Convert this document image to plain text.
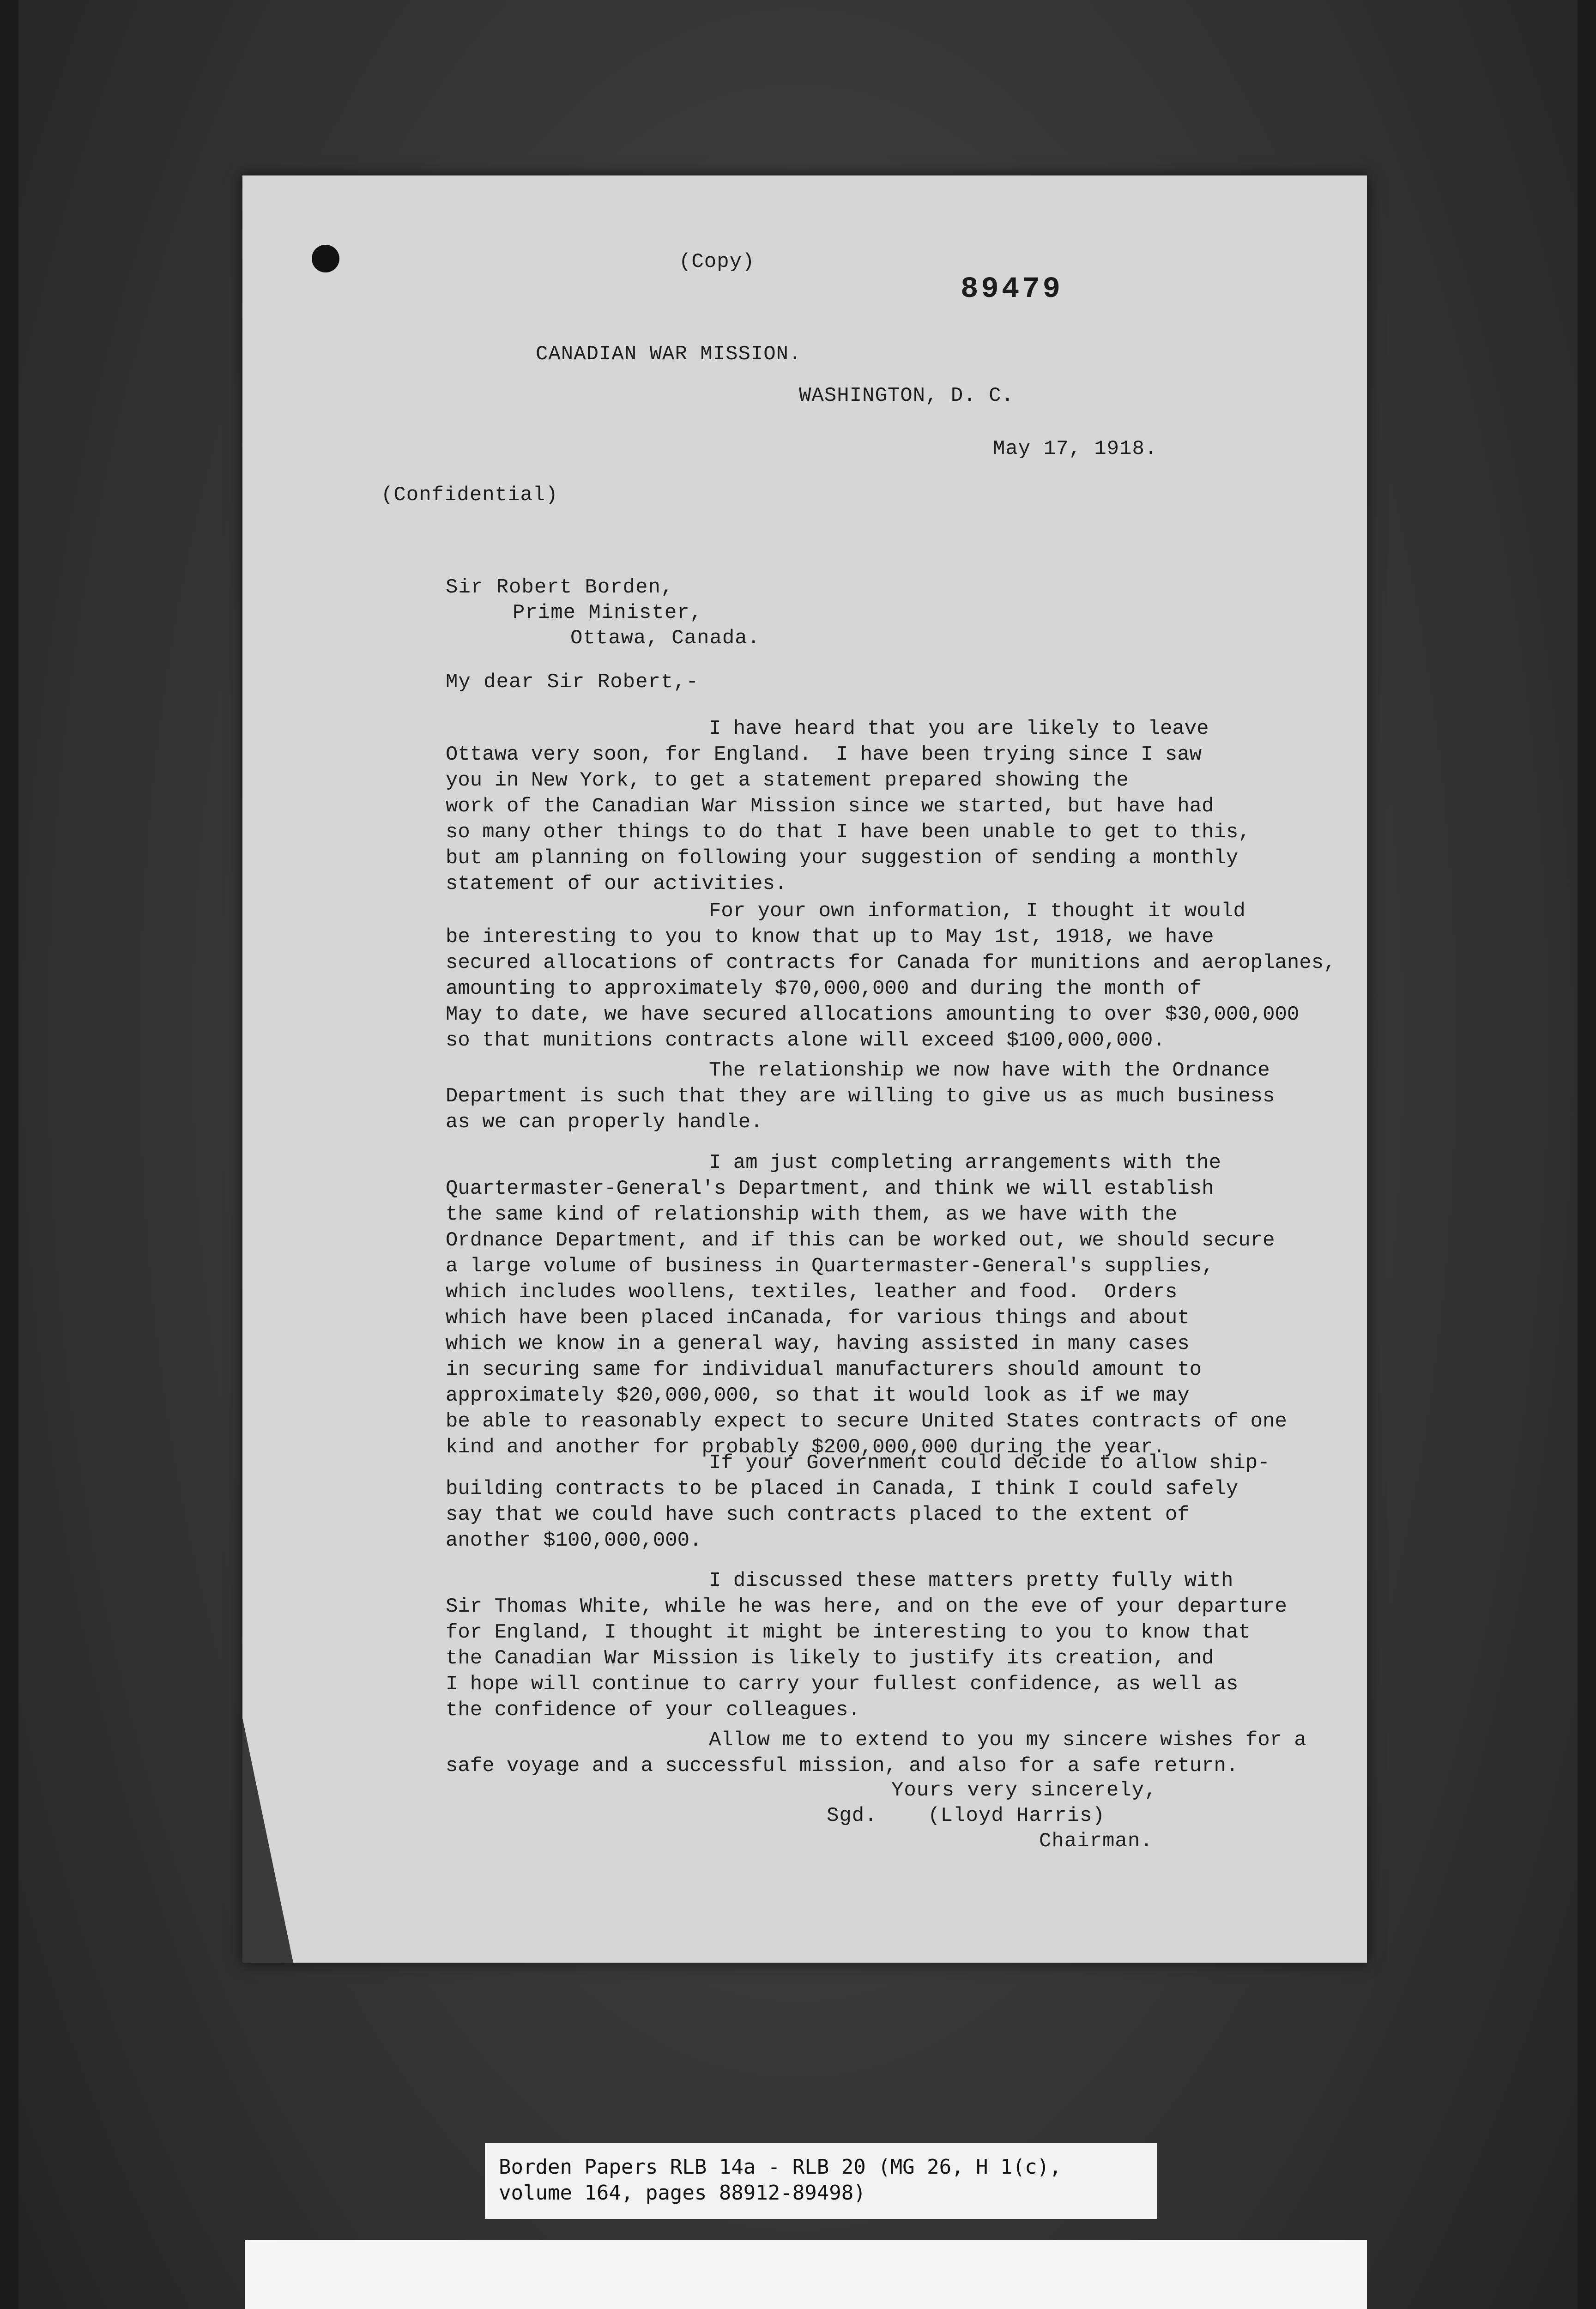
(Copy)
89479
CANADIAN WAR MISSION.
WASHINGTON, D. C.
May 17, 1918.
(Confidential)
Sir Robert Borden,
Prime Minister,
Ottawa, Canada.
My dear Sir Robert,-
I have heard that you are likely to leave
Ottawa very soon, for England.  I have been trying since I saw
you in New York, to get a statement prepared showing the
work of the Canadian War Mission since we started, but have had
so many other things to do that I have been unable to get to this,
but am planning on following your suggestion of sending a monthly
statement of our activities.
For your own information, I thought it would
be interesting to you to know that up to May 1st, 1918, we have
secured allocations of contracts for Canada for munitions and aeroplanes,
amounting to approximately $70,000,000 and during the month of
May to date, we have secured allocations amounting to over $30,000,000
so that munitions contracts alone will exceed $100,000,000.
The relationship we now have with the Ordnance
Department is such that they are willing to give us as much business
as we can properly handle.
I am just completing arrangements with the
Quartermaster-General's Department, and think we will establish
the same kind of relationship with them, as we have with the
Ordnance Department, and if this can be worked out, we should secure
a large volume of business in Quartermaster-General's supplies,
which includes woollens, textiles, leather and food.  Orders
which have been placed inCanada, for various things and about
which we know in a general way, having assisted in many cases
in securing same for individual manufacturers should amount to
approximately $20,000,000, so that it would look as if we may
be able to reasonably expect to secure United States contracts of one
kind and another for probably $200,000,000 during the year.
If your Government could decide to allow ship-
building contracts to be placed in Canada, I think I could safely
say that we could have such contracts placed to the extent of
another $100,000,000.
I discussed these matters pretty fully with
Sir Thomas White, while he was here, and on the eve of your departure
for England, I thought it might be interesting to you to know that
the Canadian War Mission is likely to justify its creation, and
I hope will continue to carry your fullest confidence, as well as
the confidence of your colleagues.
Allow me to extend to you my sincere wishes for a
safe voyage and a successful mission, and also for a safe return.
Yours very sincerely,
Sgd.    (Lloyd Harris)
Chairman.
Borden Papers RLB 14a - RLB 20 (MG 26, H 1(c),
volume 164, pages 88912-89498)
